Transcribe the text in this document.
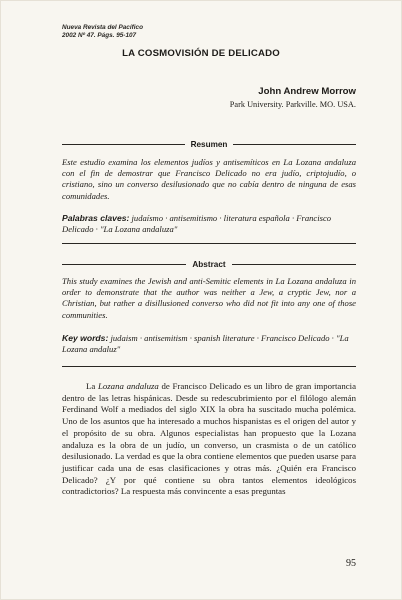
Nueva Revista del Pacífico
2002 Nº 47. Págs. 95-107
LA COSMOVISIÓN DE DELICADO
John Andrew Morrow
Park University. Parkville. MO. USA.
Resumen

Este estudio examina los elementos judíos y antisemíticos en La Lozana andaluza con el fin de demostrar que Francisco Delicado no era judío, criptojudío, o cristiano, sino un converso desilusionado que no cabía dentro de ninguna de esas comunidades.

Palabras claves: judaísmo · antisemitismo · literatura española · Francisco Delicado · "La Lozana andaluza"

Abstract

This study examines the Jewish and anti-Semitic elements in La Lozana andaluza in order to demonstrate that the author was neither a Jew, a cryptic Jew, nor a Christian, but rather a disillusioned converso who did not fit into any one of those communities.

Key words: judaism · antisemitism · spanish literature · Francisco Delicado · "La Lozana andaluz"

La Lozana andaluza de Francisco Delicado es un libro de gran importancia dentro de las letras hispánicas. Desde su redescubrimiento por el filólogo alemán Ferdinand Wolf a mediados del siglo XIX la obra ha suscitado mucha polémica. Uno de los asuntos que ha interesado a muchos hispanistas es el origen del autor y el propósito de su obra. Algunos especialistas han propuesto que la Lozana andaluza es la obra de un judío, un converso, un crasmista o de un católico desilusionado. La verdad es que la obra contiene elementos que pueden usarse para justificar cada una de esas clasificaciones y otras más. ¿Quién era Francisco Delicado? ¿Y por qué contiene su obra tantos elementos ideológicos contradictorios? La respuesta más convincente a esas preguntas

95
